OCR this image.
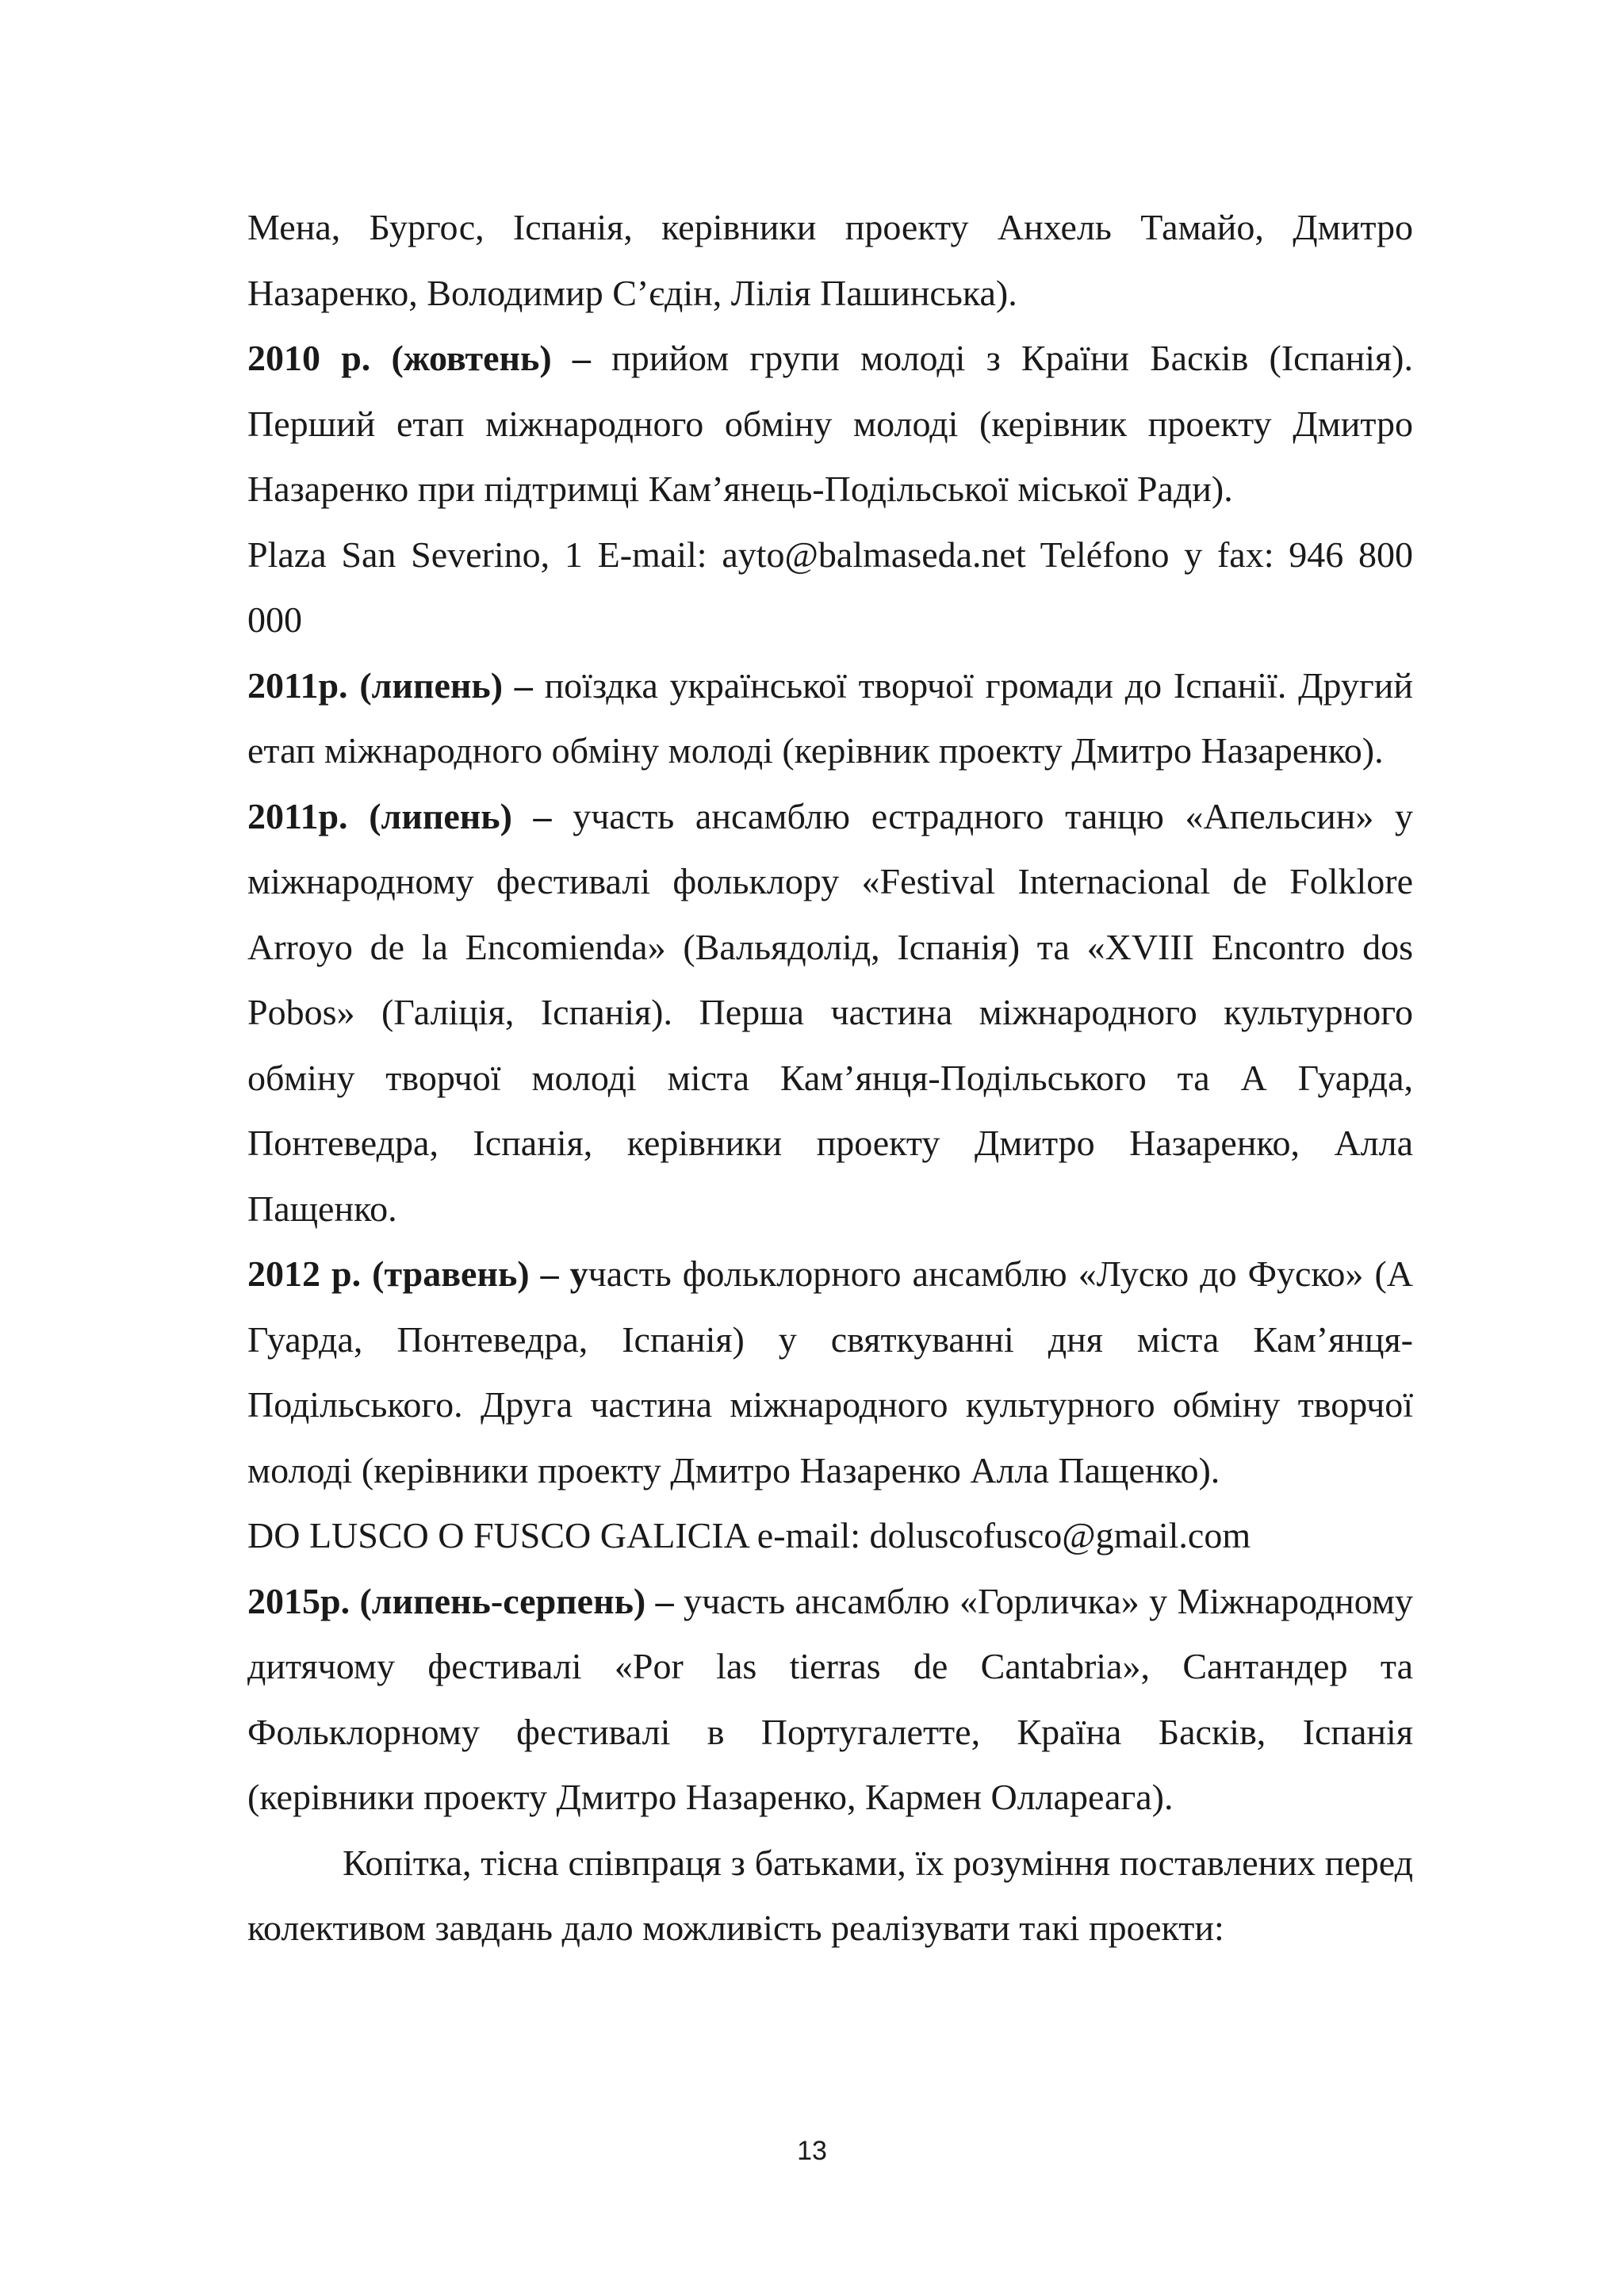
Мена, Бургос, Іспанія, керівники проекту Анхель Тамайо, Дмитро Назаренко, Володимир С’єдін, Лілія Пашинська).

2010 р. (жовтень) – прийом групи молоді з Країни Басків (Іспанія). Перший етап міжнародного обміну молоді (керівник проекту Дмитро Назаренко при підтримці Кам’янець-Подільської міської Ради).

Plaza San Severino, 1 E-mail: ayto@balmaseda.net Teléfono y fax: 946 800 000

2011р. (липень) – поїздка української творчої громади до Іспанії. Другий етап міжнародного обміну молоді (керівник проекту Дмитро Назаренко).

2011р. (липень) – участь ансамблю естрадного танцю «Апельсин» у міжнародному фестивалі фольклору «Festival Internacional de Folklore Arroyo de la Encomienda» (Вальядолід, Іспанія) та «XVIII Encontro dos Pobos» (Галіція, Іспанія). Перша частина міжнародного культурного обміну творчої молоді міста Кам’янця-Подільського та А Гуарда, Понтеведра, Іспанія, керівники проекту Дмитро Назаренко, Алла Пащенко.

2012 р. (травень) – участь фольклорного ансамблю «Луско до Фуско» (А Гуарда, Понтеведра, Іспанія) у святкуванні дня міста Кам’янця-Подільського. Друга частина міжнародного культурного обміну творчої молоді (керівники проекту Дмитро Назаренко Алла Пащенко).

DO LUSCO O FUSCO GALICIA e-mail: doluscofusco@gmail.com

2015р. (липень-серпень) – участь ансамблю «Горличка» у Міжнародному дитячому фестивалі «Por las tierras de Cantabria», Сантандер та Фольклорному фестивалі в Португалетте, Країна Басків, Іспанія (керівники проекту Дмитро Назаренко, Кармен Оллареага).

Копітка, тісна співпраця з батьками, їх розуміння поставлених перед колективом завдань дало можливість реалізувати такі проекти:

13
